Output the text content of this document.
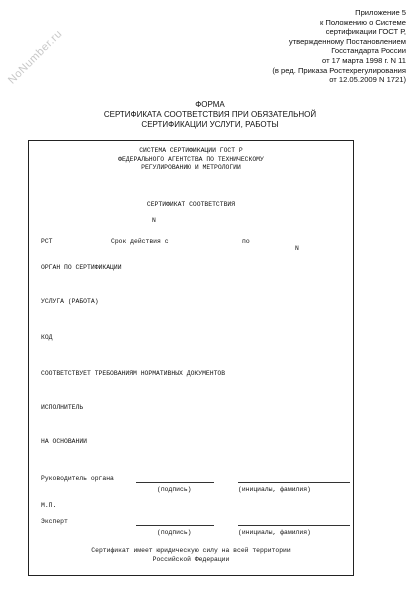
NoNumber.ru
Приложение 5
к Положению о Системе
сертификации ГОСТ Р,
утвержденному Постановлением
Госстандарта России
от 17 марта 1998 г. N 11
(в ред. Приказа Ростехрегулирования
от 12.05.2009 N 1721)
ФОРМА
СЕРТИФИКАТА СООТВЕТСТВИЯ ПРИ ОБЯЗАТЕЛЬНОЙ
СЕРТИФИКАЦИИ УСЛУГИ, РАБОТЫ
СИСТЕМА СЕРТИФИКАЦИИ ГОСТ Р
ФЕДЕРАЛЬНОГО АГЕНТСТВА ПО ТЕХНИЧЕСКОМУ
РЕГУЛИРОВАНИЮ И МЕТРОЛОГИИ
СЕРТИФИКАТ СООТВЕТСТВИЯ
N
РСТ	Срок действия с	по
N
ОРГАН ПО СЕРТИФИКАЦИИ
УСЛУГА (РАБОТА)
КОД
СООТВЕТСТВУЕТ ТРЕБОВАНИЯМ НОРМАТИВНЫХ ДОКУМЕНТОВ
ИСПОЛНИТЕЛЬ
НА ОСНОВАНИИ
Руководитель органа
(подпись)	(инициалы, фамилия)
М.П.
Эксперт
(подпись)	(инициалы, фамилия)
Сертификат имеет юридическую силу на всей территории
Российской Федерации
